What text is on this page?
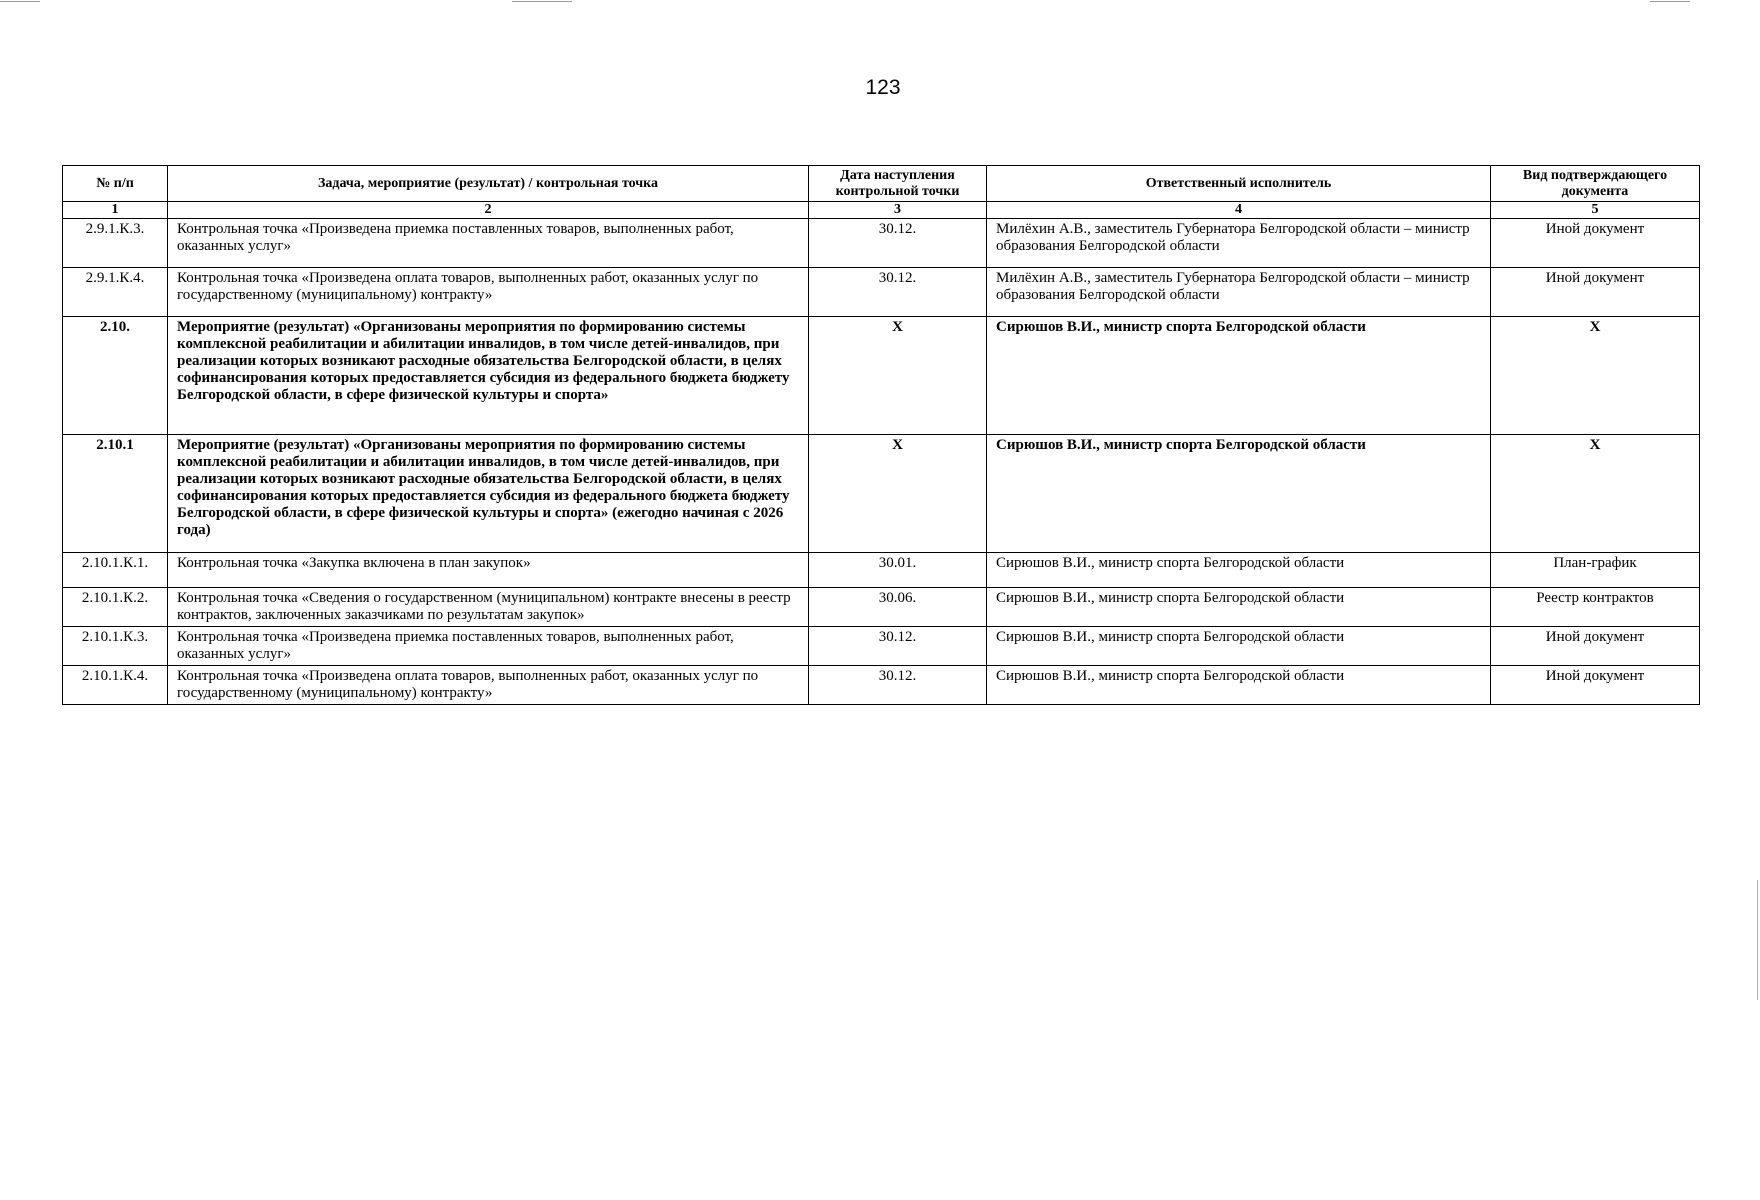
123
№ п/п	Задача, мероприятие (результат) / контрольная точка	Дата наступления контрольной точки	Ответственный исполнитель	Вид подтверждающего документа
1	2	3	4	5
2.9.1.К.3.	Контрольная точка «Произведена приемка поставленных товаров, выполненных работ, оказанных услуг»	30.12.	Милёхин А.В., заместитель Губернатора Белгородской области – министр образования Белгородской области	Иной документ
2.9.1.К.4.	Контрольная точка «Произведена оплата товаров, выполненных работ, оказанных услуг по государственному (муниципальному) контракту»	30.12.	Милёхин А.В., заместитель Губернатора Белгородской области – министр образования Белгородской области	Иной документ
2.10.	Мероприятие (результат) «Организованы мероприятия по формированию системы комплексной реабилитации и абилитации инвалидов, в том числе детей-инвалидов, при реализации которых возникают расходные обязательства Белгородской области, в целях софинансирования которых предоставляется субсидия из федерального бюджета бюджету Белгородской области, в сфере физической культуры и спорта»	Х	Сирюшов В.И., министр спорта Белгородской области	Х
2.10.1	Мероприятие (результат) «Организованы мероприятия по формированию системы комплексной реабилитации и абилитации инвалидов, в том числе детей-инвалидов, при реализации которых возникают расходные обязательства Белгородской области, в целях софинансирования которых предоставляется субсидия из федерального бюджета бюджету Белгородской области, в сфере физической культуры и спорта» (ежегодно начиная с 2026 года)	Х	Сирюшов В.И., министр спорта Белгородской области	Х
2.10.1.К.1.	Контрольная точка «Закупка включена в план закупок»	30.01.	Сирюшов В.И., министр спорта Белгородской области	План-график
2.10.1.К.2.	Контрольная точка «Сведения о государственном (муниципальном) контракте внесены в реестр контрактов, заключенных заказчиками по результатам закупок»	30.06.	Сирюшов В.И., министр спорта Белгородской области	Реестр контрактов
2.10.1.К.3.	Контрольная точка «Произведена приемка поставленных товаров, выполненных работ, оказанных услуг»	30.12.	Сирюшов В.И., министр спорта Белгородской области	Иной документ
2.10.1.К.4.	Контрольная точка «Произведена оплата товаров, выполненных работ, оказанных услуг по государственному (муниципальному) контракту»	30.12.	Сирюшов В.И., министр спорта Белгородской области	Иной документ
